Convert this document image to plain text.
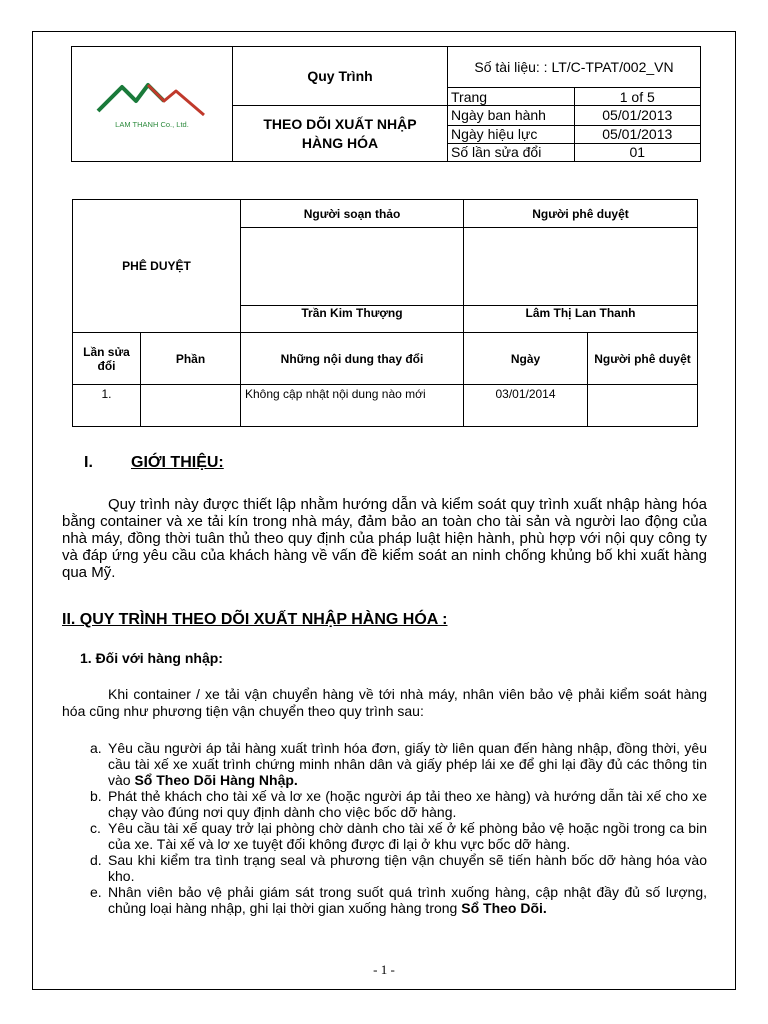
LAM THANH Co., Ltd.	Quy Trình	Số tài liệu: : LT/C-TPAT/002_VN	
		Trang	1 of 5
	THEO DÕI XUẤT NHẬP HÀNG HÓA	Ngày ban hành	05/01/2013
		Ngày hiệu lực	05/01/2013
		Số lần sửa đổi	01

PHÊ DUYỆT		Người soạn thảo	Người phê duyệt	

		Trần Kim Thượng	Lâm Thị Lan Thanh	
Lần sửa đổi	Phần	Những nội dung thay đổi	Ngày	Người phê duyệt
1.		Không cập nhật nội dung nào mới	03/01/2014	
I. GIỚI THIỆU:
Quy trình này được thiết lập nhằm hướng dẫn và kiểm soát quy trình xuất nhập hàng hóa bằng container và xe tải kín trong nhà máy, đảm bảo an toàn cho tài sản và người lao động của nhà máy, đồng thời tuân thủ theo quy định của pháp luật hiện hành, phù hợp với nội quy công ty và đáp ứng yêu cầu của khách hàng về vấn đề kiểm soát an ninh chống khủng bố khi xuất hàng qua Mỹ.
II. QUY TRÌNH THEO DÕI XUẤT NHẬP HÀNG HÓA :
1. Đối với hàng nhập:
Khi container / xe tải vận chuyển hàng về tới nhà máy, nhân viên bảo vệ phải kiểm soát hàng hóa cũng như phương tiện vận chuyển theo quy trình sau:
a. Yêu cầu người áp tải hàng xuất trình hóa đơn, giấy tờ liên quan đến hàng nhập, đồng thời, yêu cầu tài xế xe xuất trình chứng minh nhân dân và giấy phép lái xe để ghi lại đầy đủ các thông tin vào Sổ Theo Dõi Hàng Nhập.
b. Phát thẻ khách cho tài xế và lơ xe (hoặc người áp tải theo xe hàng) và hướng dẫn tài xế cho xe chạy vào đúng nơi quy định dành cho việc bốc dỡ hàng.
c. Yêu cầu tài xế quay trở lại phòng chờ dành cho tài xế ở kế phòng bảo vệ hoặc ngồi trong ca bin của xe. Tài xế và lơ xe tuyệt đối không được đi lại ở khu vực bốc dỡ hàng.
d. Sau khi kiểm tra tình trạng seal và phương tiện vận chuyển sẽ tiến hành bốc dỡ hàng hóa vào kho.
e. Nhân viên bảo vệ phải giám sát trong suốt quá trình xuống hàng, cập nhật đầy đủ số lượng, chủng loại hàng nhập, ghi lại thời gian xuống hàng trong Sổ Theo Dõi.
- 1 -
